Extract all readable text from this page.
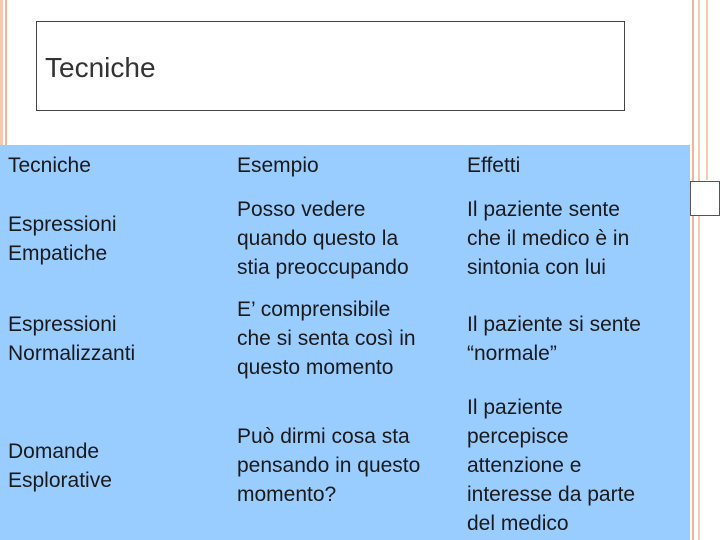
Tecniche
Tecniche	Esempio	Effetti
Espressioni
Empatiche
Posso vedere
quando questo la
stia preoccupando
Il paziente sente
che il medico è in
sintonia con lui
Espressioni
Normalizzanti
E’ comprensibile
che si senta così in
questo momento
Il paziente si sente
“normale”
Domande
Esplorative
Può dirmi cosa sta
pensando in questo
momento?
Il paziente
percepisce
attenzione e
interesse da parte
del medico
